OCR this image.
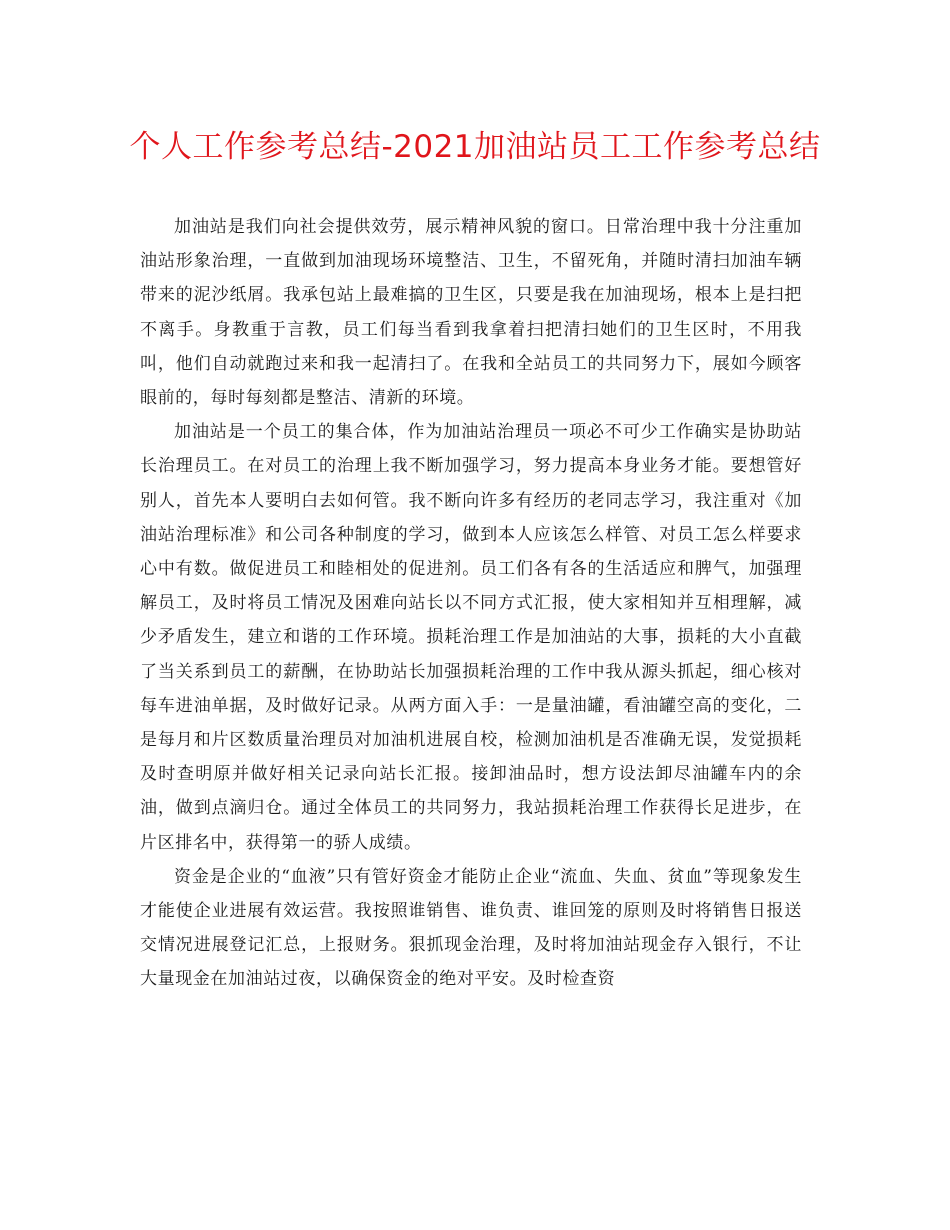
个人工作参考总结-2021加油站员工工作参考总结

加油站是我们向社会提供效劳，展示精神风貌的窗口。日常治理中我十分注重加油站形象治理，一直做到加油现场环境整洁、卫生，不留死角，并随时清扫加油车辆带来的泥沙纸屑。我承包站上最难搞的卫生区，只要是我在加油现场，根本上是扫把不离手。身教重于言教，员工们每当看到我拿着扫把清扫她们的卫生区时，不用我叫，他们自动就跑过来和我一起清扫了。在我和全站员工的共同努力下，展如今顾客眼前的，每时每刻都是整洁、清新的环境。

加油站是一个员工的集合体，作为加油站治理员一项必不可少工作确实是协助站长治理员工。在对员工的治理上我不断加强学习，努力提高本身业务才能。要想管好别人，首先本人要明白去如何管。我不断向许多有经历的老同志学习，我注重对《加油站治理标准》和公司各种制度的学习，做到本人应该怎么样管、对员工怎么样要求心中有数。做促进员工和睦相处的促进剂。员工们各有各的生活适应和脾气，加强理解员工，及时将员工情况及困难向站长以不同方式汇报，使大家相知并互相理解，减少矛盾发生，建立和谐的工作环境。损耗治理工作是加油站的大事，损耗的大小直截了当关系到员工的薪酬，在协助站长加强损耗治理的工作中我从源头抓起，细心核对每车进油单据，及时做好记录。从两方面入手：一是量油罐，看油罐空高的变化，二是每月和片区数质量治理员对加油机进展自校，检测加油机是否准确无误，发觉损耗及时查明原并做好相关记录向站长汇报。接卸油品时，想方设法卸尽油罐车内的余油，做到点滴归仓。通过全体员工的共同努力，我站损耗治理工作获得长足进步，在片区排名中，获得第一的骄人成绩。

资金是企业的“血液”只有管好资金才能防止企业“流血、失血、贫血”等现象发生才能使企业进展有效运营。我按照谁销售、谁负责、谁回笼的原则及时将销售日报送交情况进展登记汇总，上报财务。狠抓现金治理，及时将加油站现金存入银行，不让大量现金在加油站过夜，以确保资金的绝对平安。及时检查资
